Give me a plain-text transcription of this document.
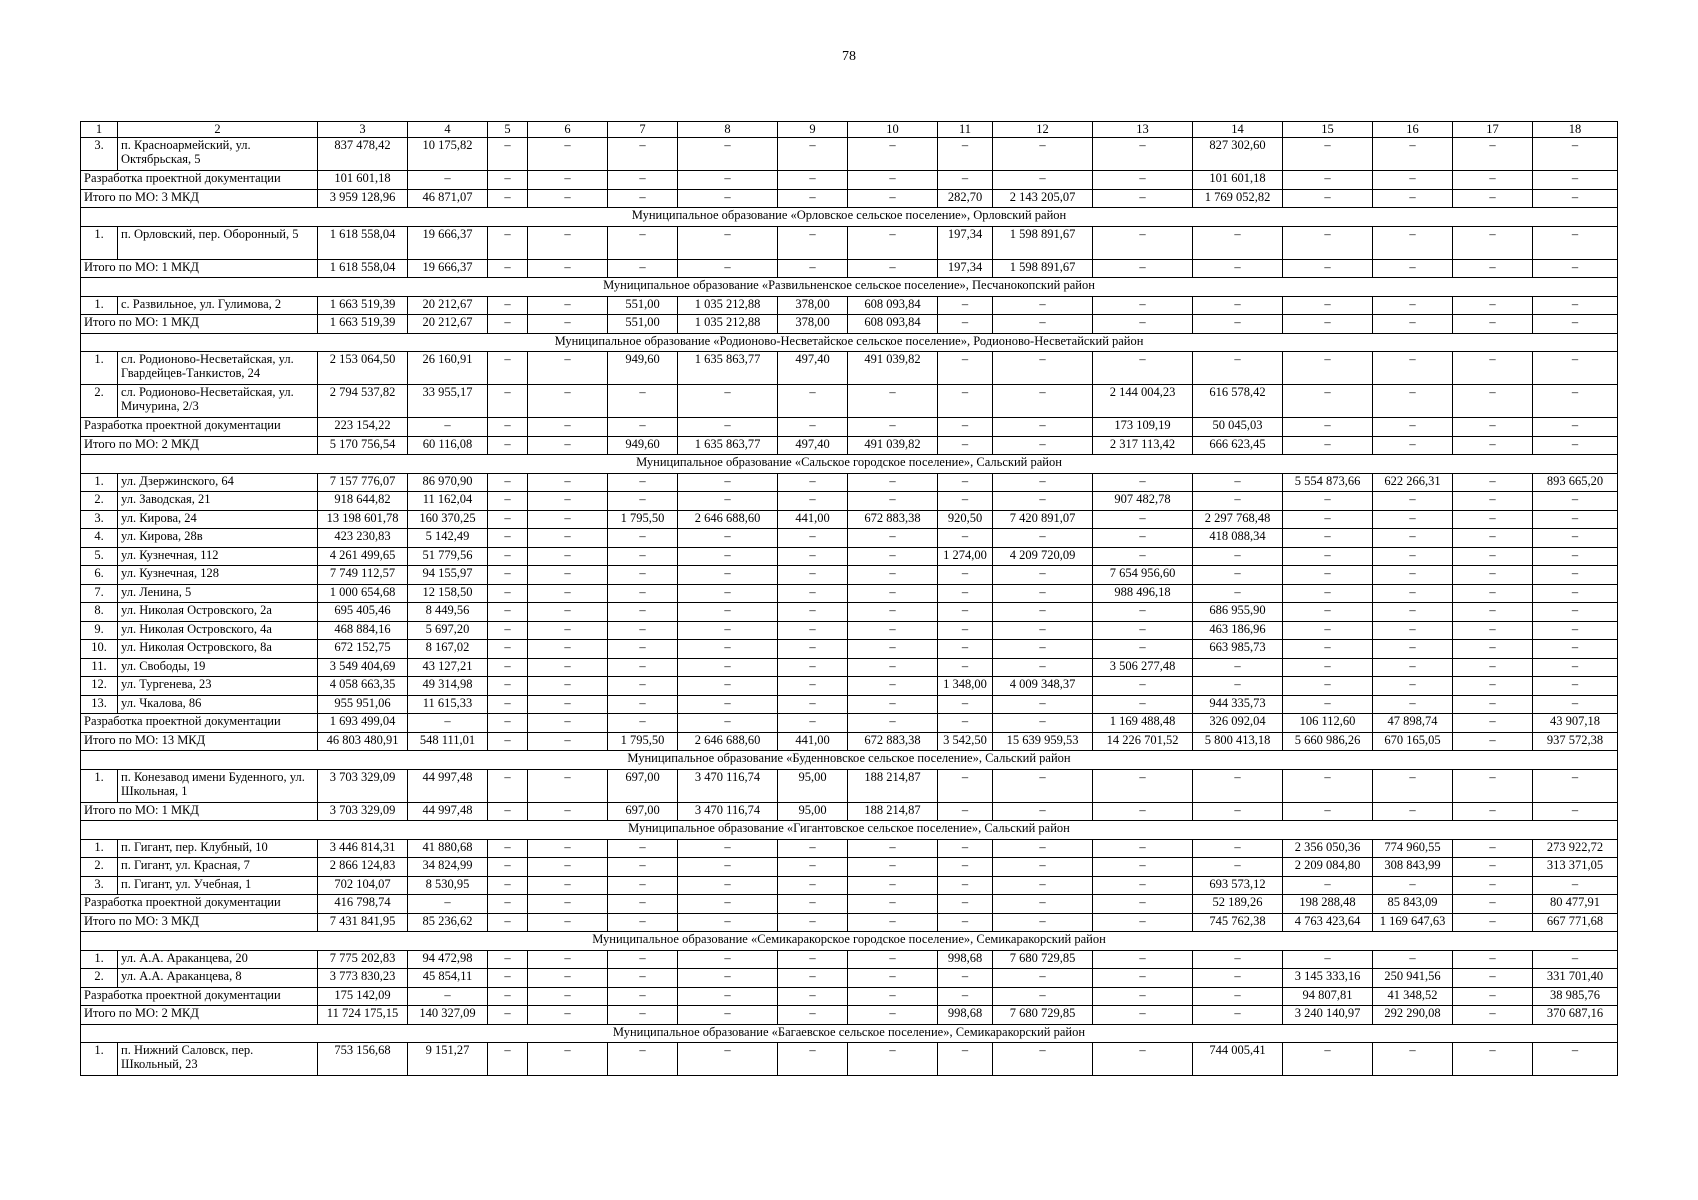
78
1	2	3	4	5	6	7	8	9	10	11	12	13	14	15	16	17	18
3.	п. Красноармейский, ул. Октябрьская, 5	837 478,42	10 175,82	–	–	–	–	–	–	–	–	–	827 302,60	–	–	–	–
Разработка проектной документации		101 601,18	–	–	–	–	–	–	–	–	–	–	101 601,18	–	–	–	–
Итого по МО: 3 МКД		3 959 128,96	46 871,07	–	–	–	–	–	–	282,70	2 143 205,07	–	1 769 052,82	–	–	–	–
Муниципальное образование «Орловское сельское поселение», Орловский район																	
1.	п. Орловский, пер. Оборонный, 5	1 618 558,04	19 666,37	–	–	–	–	–	–	197,34	1 598 891,67	–	–	–	–	–	–
Итого по МО: 1 МКД		1 618 558,04	19 666,37	–	–	–	–	–	–	197,34	1 598 891,67	–	–	–	–	–	–
Муниципальное образование «Развильненское сельское поселение», Песчанокопский район																	
1.	с. Развильное, ул. Гулимова, 2	1 663 519,39	20 212,67	–	–	551,00	1 035 212,88	378,00	608 093,84	–	–	–	–	–	–	–	–
Итого по МО: 1 МКД		1 663 519,39	20 212,67	–	–	551,00	1 035 212,88	378,00	608 093,84	–	–	–	–	–	–	–	–
Муниципальное образование «Родионово-Несветайское сельское поселение», Родионово-Несветайский район																	
1.	сл. Родионово-Несветайская, ул. Гвардейцев-Танкистов, 24	2 153 064,50	26 160,91	–	–	949,60	1 635 863,77	497,40	491 039,82	–	–	–	–	–	–	–	–
2.	сл. Родионово-Несветайская, ул. Мичурина, 2/3	2 794 537,82	33 955,17	–	–	–	–	–	–	–	–	2 144 004,23	616 578,42	–	–	–	–
Разработка проектной документации		223 154,22	–	–	–	–	–	–	–	–	–	173 109,19	50 045,03	–	–	–	–
Итого по МО: 2 МКД		5 170 756,54	60 116,08	–	–	949,60	1 635 863,77	497,40	491 039,82	–	–	2 317 113,42	666 623,45	–	–	–	–
Муниципальное образование «Сальское городское поселение», Сальский район																	
1.	ул. Дзержинского, 64	7 157 776,07	86 970,90	–	–	–	–	–	–	–	–	–	–	5 554 873,66	622 266,31	–	893 665,20
2.	ул. Заводская, 21	918 644,82	11 162,04	–	–	–	–	–	–	–	–	907 482,78	–	–	–	–	–
3.	ул. Кирова, 24	13 198 601,78	160 370,25	–	–	1 795,50	2 646 688,60	441,00	672 883,38	920,50	7 420 891,07	–	2 297 768,48	–	–	–	–
4.	ул. Кирова, 28в	423 230,83	5 142,49	–	–	–	–	–	–	–	–	–	418 088,34	–	–	–	–
5.	ул. Кузнечная, 112	4 261 499,65	51 779,56	–	–	–	–	–	–	1 274,00	4 209 720,09	–	–	–	–	–	–
6.	ул. Кузнечная, 128	7 749 112,57	94 155,97	–	–	–	–	–	–	–	–	7 654 956,60	–	–	–	–	–
7.	ул. Ленина, 5	1 000 654,68	12 158,50	–	–	–	–	–	–	–	–	988 496,18	–	–	–	–	–
8.	ул. Николая Островского, 2а	695 405,46	8 449,56	–	–	–	–	–	–	–	–	–	686 955,90	–	–	–	–
9.	ул. Николая Островского, 4а	468 884,16	5 697,20	–	–	–	–	–	–	–	–	–	463 186,96	–	–	–	–
10.	ул. Николая Островского, 8а	672 152,75	8 167,02	–	–	–	–	–	–	–	–	–	663 985,73	–	–	–	–
11.	ул. Свободы, 19	3 549 404,69	43 127,21	–	–	–	–	–	–	–	–	3 506 277,48	–	–	–	–	–
12.	ул. Тургенева, 23	4 058 663,35	49 314,98	–	–	–	–	–	–	1 348,00	4 009 348,37	–	–	–	–	–	–
13.	ул. Чкалова, 86	955 951,06	11 615,33	–	–	–	–	–	–	–	–	–	944 335,73	–	–	–	–
Разработка проектной документации		1 693 499,04	–	–	–	–	–	–	–	–	–	1 169 488,48	326 092,04	106 112,60	47 898,74	–	43 907,18
Итого по МО: 13 МКД		46 803 480,91	548 111,01	–	–	1 795,50	2 646 688,60	441,00	672 883,38	3 542,50	15 639 959,53	14 226 701,52	5 800 413,18	5 660 986,26	670 165,05	–	937 572,38
Муниципальное образование «Буденновское сельское поселение», Сальский район																	
1.	п. Конезавод имени Буденного, ул. Школьная, 1	3 703 329,09	44 997,48	–	–	697,00	3 470 116,74	95,00	188 214,87	–	–	–	–	–	–	–	–
Итого по МО: 1 МКД		3 703 329,09	44 997,48	–	–	697,00	3 470 116,74	95,00	188 214,87	–	–	–	–	–	–	–	–
Муниципальное образование «Гигантовское сельское поселение», Сальский район																	
1.	п. Гигант, пер. Клубный, 10	3 446 814,31	41 880,68	–	–	–	–	–	–	–	–	–	–	2 356 050,36	774 960,55	–	273 922,72
2.	п. Гигант, ул. Красная, 7	2 866 124,83	34 824,99	–	–	–	–	–	–	–	–	–	–	2 209 084,80	308 843,99	–	313 371,05
3.	п. Гигант, ул. Учебная, 1	702 104,07	8 530,95	–	–	–	–	–	–	–	–	–	693 573,12	–	–	–	–
Разработка проектной документации		416 798,74	–	–	–	–	–	–	–	–	–	–	52 189,26	198 288,48	85 843,09	–	80 477,91
Итого по МО: 3 МКД		7 431 841,95	85 236,62	–	–	–	–	–	–	–	–	–	745 762,38	4 763 423,64	1 169 647,63	–	667 771,68
Муниципальное образование «Семикаракорское городское поселение», Семикаракорский район																	
1.	ул. А.А. Араканцева, 20	7 775 202,83	94 472,98	–	–	–	–	–	–	998,68	7 680 729,85	–	–	–	–	–	–
2.	ул. А.А. Араканцева, 8	3 773 830,23	45 854,11	–	–	–	–	–	–	–	–	–	–	3 145 333,16	250 941,56	–	331 701,40
Разработка проектной документации		175 142,09	–	–	–	–	–	–	–	–	–	–	–	94 807,81	41 348,52	–	38 985,76
Итого по МО: 2 МКД		11 724 175,15	140 327,09	–	–	–	–	–	–	998,68	7 680 729,85	–	–	3 240 140,97	292 290,08	–	370 687,16
Муниципальное образование «Багаевское сельское поселение», Семикаракорский район																	
1.	п. Нижний Саловск, пер. Школьный, 23	753 156,68	9 151,27	–	–	–	–	–	–	–	–	–	744 005,41	–	–	–	–
